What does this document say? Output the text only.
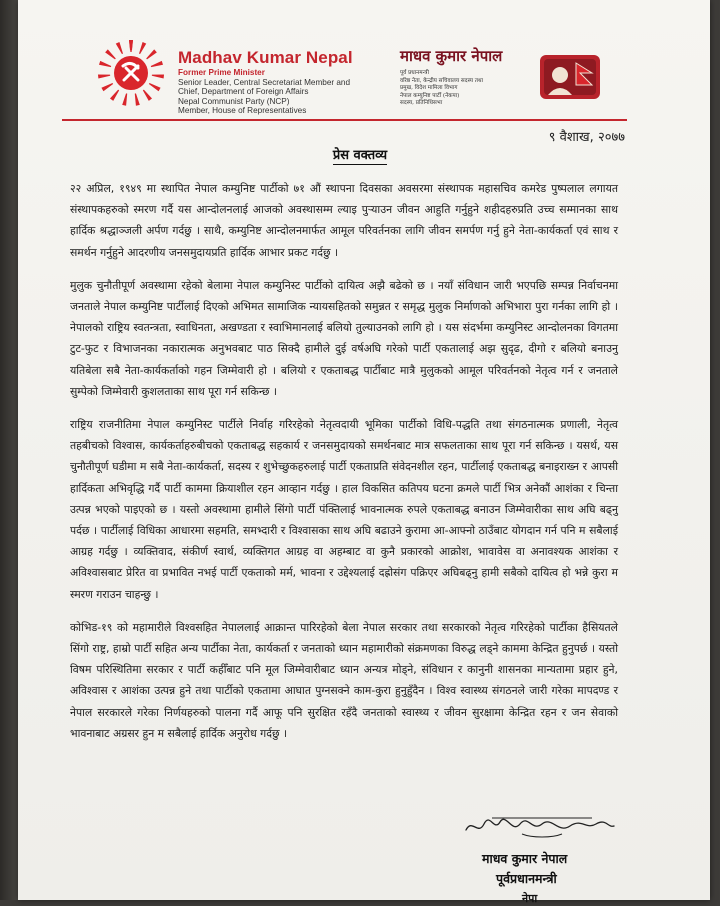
Madhav Kumar Nepal
Former Prime Minister
Senior Leader, Central Secretariat Member and
Chief, Department of Foreign Affairs
Nepal Communist Party (NCP)
Member, House of Representatives
माधव कुमार नेपाल
पूर्व प्रधानमन्त्री
वरिष्ठ नेता, केन्द्रीय सचिवालय सदस्य तथा
प्रमुख, विदेश मामिला विभाग
नेपाल कम्युनिष्ट पार्टी (नेकपा)
सदस्य, प्रतिनिधिसभा
९ वैशाख, २०७७
प्रेस वक्तव्य

२२ अप्रिल, १९४९ मा स्थापित नेपाल कम्युनिष्ट पार्टीको ७१ औं स्थापना दिवसका अवसरमा संस्थापक महासचिव कमरेड पुष्पलाल लगायत संस्थापकहरुको स्मरण गर्दै यस आन्दोलनलाई आजको अवस्थासम्म ल्याइ पुऱ्याउन जीवन आहुति गर्नुहुने शहीदहरुप्रति उच्च सम्मानका साथ हार्दिक श्रद्धाञ्जली अर्पण गर्दछु । साथै, कम्युनिष्ट आन्दोलनमार्फत आमूल परिवर्तनका लागि जीवन समर्पण गर्नु हुने नेता-कार्यकर्ता एवं साथ र समर्थन गर्नुहुने आदरणीय जनसमुदायप्रति हार्दिक आभार प्रकट गर्दछु ।

मुलुक चुनौतीपूर्ण अवस्थामा रहेको बेलामा नेपाल कम्युनिस्ट पार्टीको दायित्व अझै बढेको छ । नयाँ संविधान जारी भएपछि सम्पन्न निर्वाचनमा जनताले नेपाल कम्युनिष्ट पार्टीलाई दिएको अभिमत सामाजिक न्यायसहितको समुन्नत र समृद्ध मुलुक निर्माणको अभिभारा पुरा गर्नका लागि हो । नेपालको राष्ट्रिय स्वतन्त्रता, स्वाधिनता, अखण्डता र स्वाभिमानलाई बलियो तुल्याउनको लागि हो । यस संदर्भमा कम्युनिस्ट आन्दोलनका विगतमा टुट-फुट र विभाजनका नकारात्मक अनुभवबाट पाठ सिक्दै हामीले दुई वर्षअघि गरेको पार्टी एकतालाई अझ सुदृढ, दीगो र बलियो बनाउनु यतिबेला सबै नेता-कार्यकर्ताको गहन जिम्मेवारी हो । बलियो र एकताबद्ध पार्टीबाट मात्रै मुलुकको आमूल परिवर्तनको नेतृत्व गर्न र जनताले सुम्पेको जिम्मेवारी कुशलताका साथ पूरा गर्न सकिन्छ ।

राष्ट्रिय राजनीतिमा नेपाल कम्युनिस्ट पार्टीले निर्वाह गरिरहेको नेतृत्वदायी भूमिका पार्टीको विधि-पद्धति तथा संगठनात्मक प्रणाली, नेतृत्व तहबीचको विश्वास, कार्यकर्ताहरुबीचको एकताबद्ध सहकार्य र जनसमुदायको समर्थनबाट मात्र सफलताका साथ पूरा गर्न सकिन्छ । यसर्थ, यस चुनौतीपूर्ण घडीमा म सबै नेता-कार्यकर्ता, सदस्य र शुभेच्छुकहरुलाई पार्टी एकताप्रति संवेदनशील रहन, पार्टीलाई एकताबद्ध बनाइराख्न र आपसी हार्दिकता अभिवृद्धि गर्दै पार्टी काममा क्रियाशील रहन आव्हान गर्दछु । हाल विकसित कतिपय घटना क्रमले पार्टी भित्र अनेकौं आशंका र चिन्ता उत्पन्न भएको पाइएको छ । यस्तो अवस्थामा हामीले सिंगो पार्टी पंक्तिलाई भावनात्मक रुपले एकताबद्ध बनाउन जिम्मेवारीका साथ अघि बढ्नु पर्दछ । पार्टीलाई विधिका आधारमा सहमति, समभ्दारी र विश्वासका साथ अघि बढाउने कुरामा आ-आफ्नो ठाउँबाट योगदान गर्न पनि म सबैलाई आग्रह गर्दछु । व्यक्तिवाद, संकीर्ण स्वार्थ, व्यक्तिगत आग्रह वा अहम्बाट वा कुनै प्रकारको आक्रोश, भावावेस वा अनावश्यक आशंका र अविश्वासबाट प्रेरित वा प्रभावित नभई पार्टी एकताको मर्म, भावना र उद्देश्यलाई दह्रोसंग पक्रिएर अघिबढ्नु हामी सबैको दायित्व हो भन्ने कुरा म स्मरण गराउन चाहन्छु ।

कोभिड-१९ को महामारीले विश्वसहित नेपाललाई आक्रान्त पारिरहेको बेला नेपाल सरकार तथा सरकारको नेतृत्व गरिरहेको पार्टीका हैसियतले सिंगो राष्ट्र, हाम्रो पार्टी सहित अन्य पार्टीका नेता, कार्यकर्ता र जनताको ध्यान महामारीको संक्रमणका विरुद्ध लड्ने काममा केन्द्रित हुनुपर्छ । यस्तो विषम परिस्थितिमा सरकार र पार्टी कहीँबाट पनि मूल जिम्मेवारीबाट ध्यान अन्यत्र मोड्ने, संविधान र कानुनी शासनका मान्यतामा प्रहार हुने, अविश्वास र आशंका उत्पन्न हुने तथा पार्टीको एकतामा आघात पुग्नसक्ने काम-कुरा हुनुहुँदैन । विश्व स्वास्थ्य संगठनले जारी गरेका मापदण्ड र नेपाल सरकारले गरेका निर्णयहरुको पालना गर्दै आफू पनि सुरक्षित रहँदै जनताको स्वास्थ्य र जीवन सुरक्षामा केन्द्रित रहन र जन सेवाको भावनाबाट अग्रसर हुन म सबैलाई हार्दिक अनुरोध गर्दछु ।

माधव कुमार नेपाल
पूर्वप्रधानमन्त्री
नेपा
